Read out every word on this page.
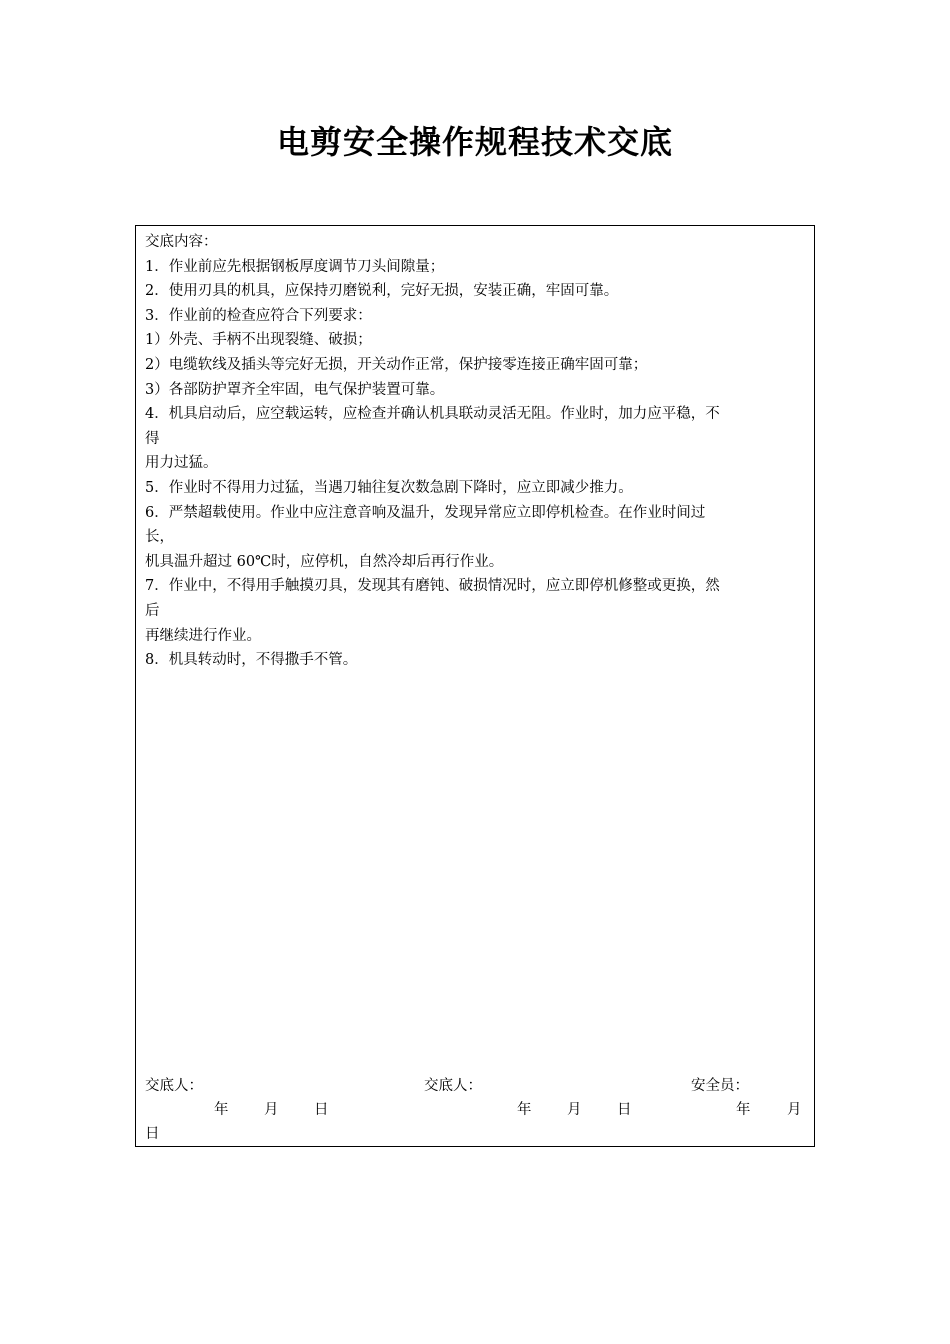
电剪安全操作规程技术交底
交底内容：
1．作业前应先根据钢板厚度调节刀头间隙量；
2．使用刃具的机具，应保持刃磨锐利，完好无损，安装正确，牢固可靠。
3．作业前的检查应符合下列要求：
1）外壳、手柄不出现裂缝、破损；
2）电缆软线及插头等完好无损，开关动作正常，保护接零连接正确牢固可靠；
3）各部防护罩齐全牢固，电气保护装置可靠。
4．机具启动后，应空载运转，应检查并确认机具联动灵活无阻。作业时，加力应平稳，不
得
用力过猛。
5．作业时不得用力过猛，当遇刀轴往复次数急剧下降时，应立即减少推力。
6．严禁超载使用。作业中应注意音响及温升，发现异常应立即停机检查。在作业时间过
长，
机具温升超过 60℃时，应停机，自然冷却后再行作业。
7．作业中，不得用手触摸刃具，发现其有磨钝、破损情况时，应立即停机修整或更换，然
后
再继续进行作业。
8．机具转动时，不得撒手不管。
交底人：	交底人：	安全员：
年 月 日	年 月 日	年	月
日
